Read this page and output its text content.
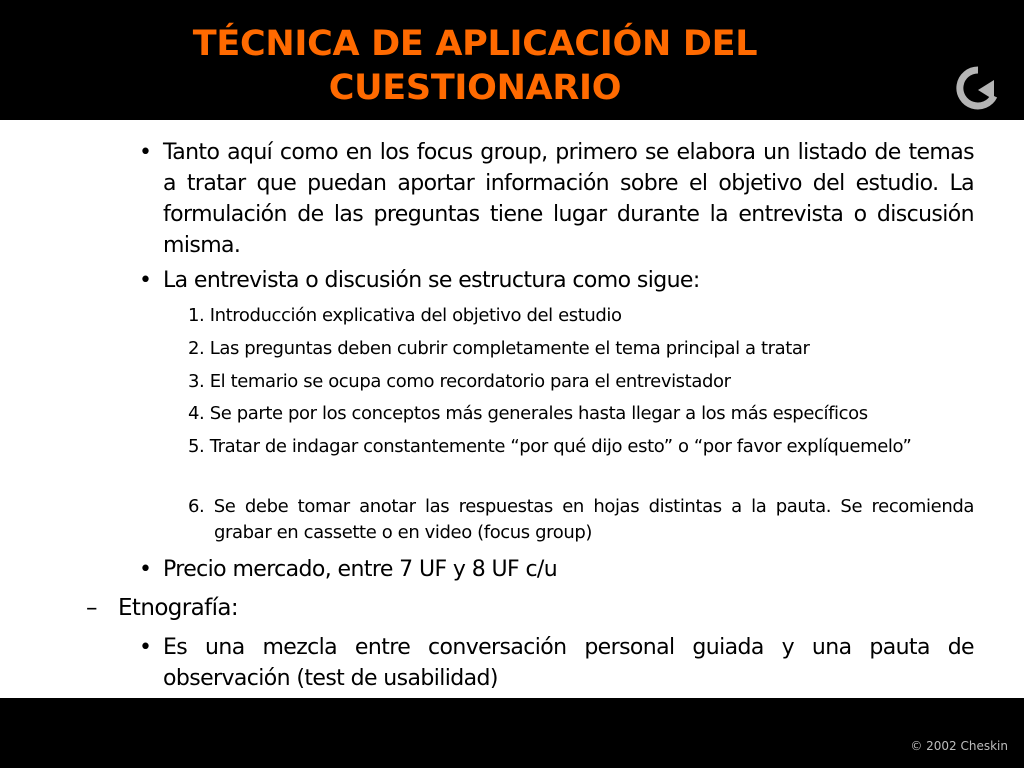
TÉCNICA DE APLICACIÓN DEL CUESTIONARIO
• Tanto aquí como en los focus group, primero se elabora un listado de temas a tratar que puedan aportar información sobre el objetivo del estudio. La formulación de las preguntas tiene lugar durante la entrevista o discusión misma.
• La entrevista o discusión se estructura como sigue:
1. Introducción explicativa del objetivo del estudio
2. Las preguntas deben cubrir completamente el tema principal a tratar
3. El temario se ocupa como recordatorio para el entrevistador
4. Se parte por los conceptos más generales hasta llegar a los más específicos
5. Tratar de indagar constantemente “por qué dijo esto” o “por favor explíquemelo”
6. Se debe tomar anotar las respuestas en hojas distintas a la pauta. Se recomienda grabar en cassette o en video (focus group)
• Precio mercado, entre 7 UF y 8 UF c/u
– Etnografía:
• Es una mezcla entre conversación personal guiada y una pauta de observación (test de usabilidad)
© 2002 Cheskin
